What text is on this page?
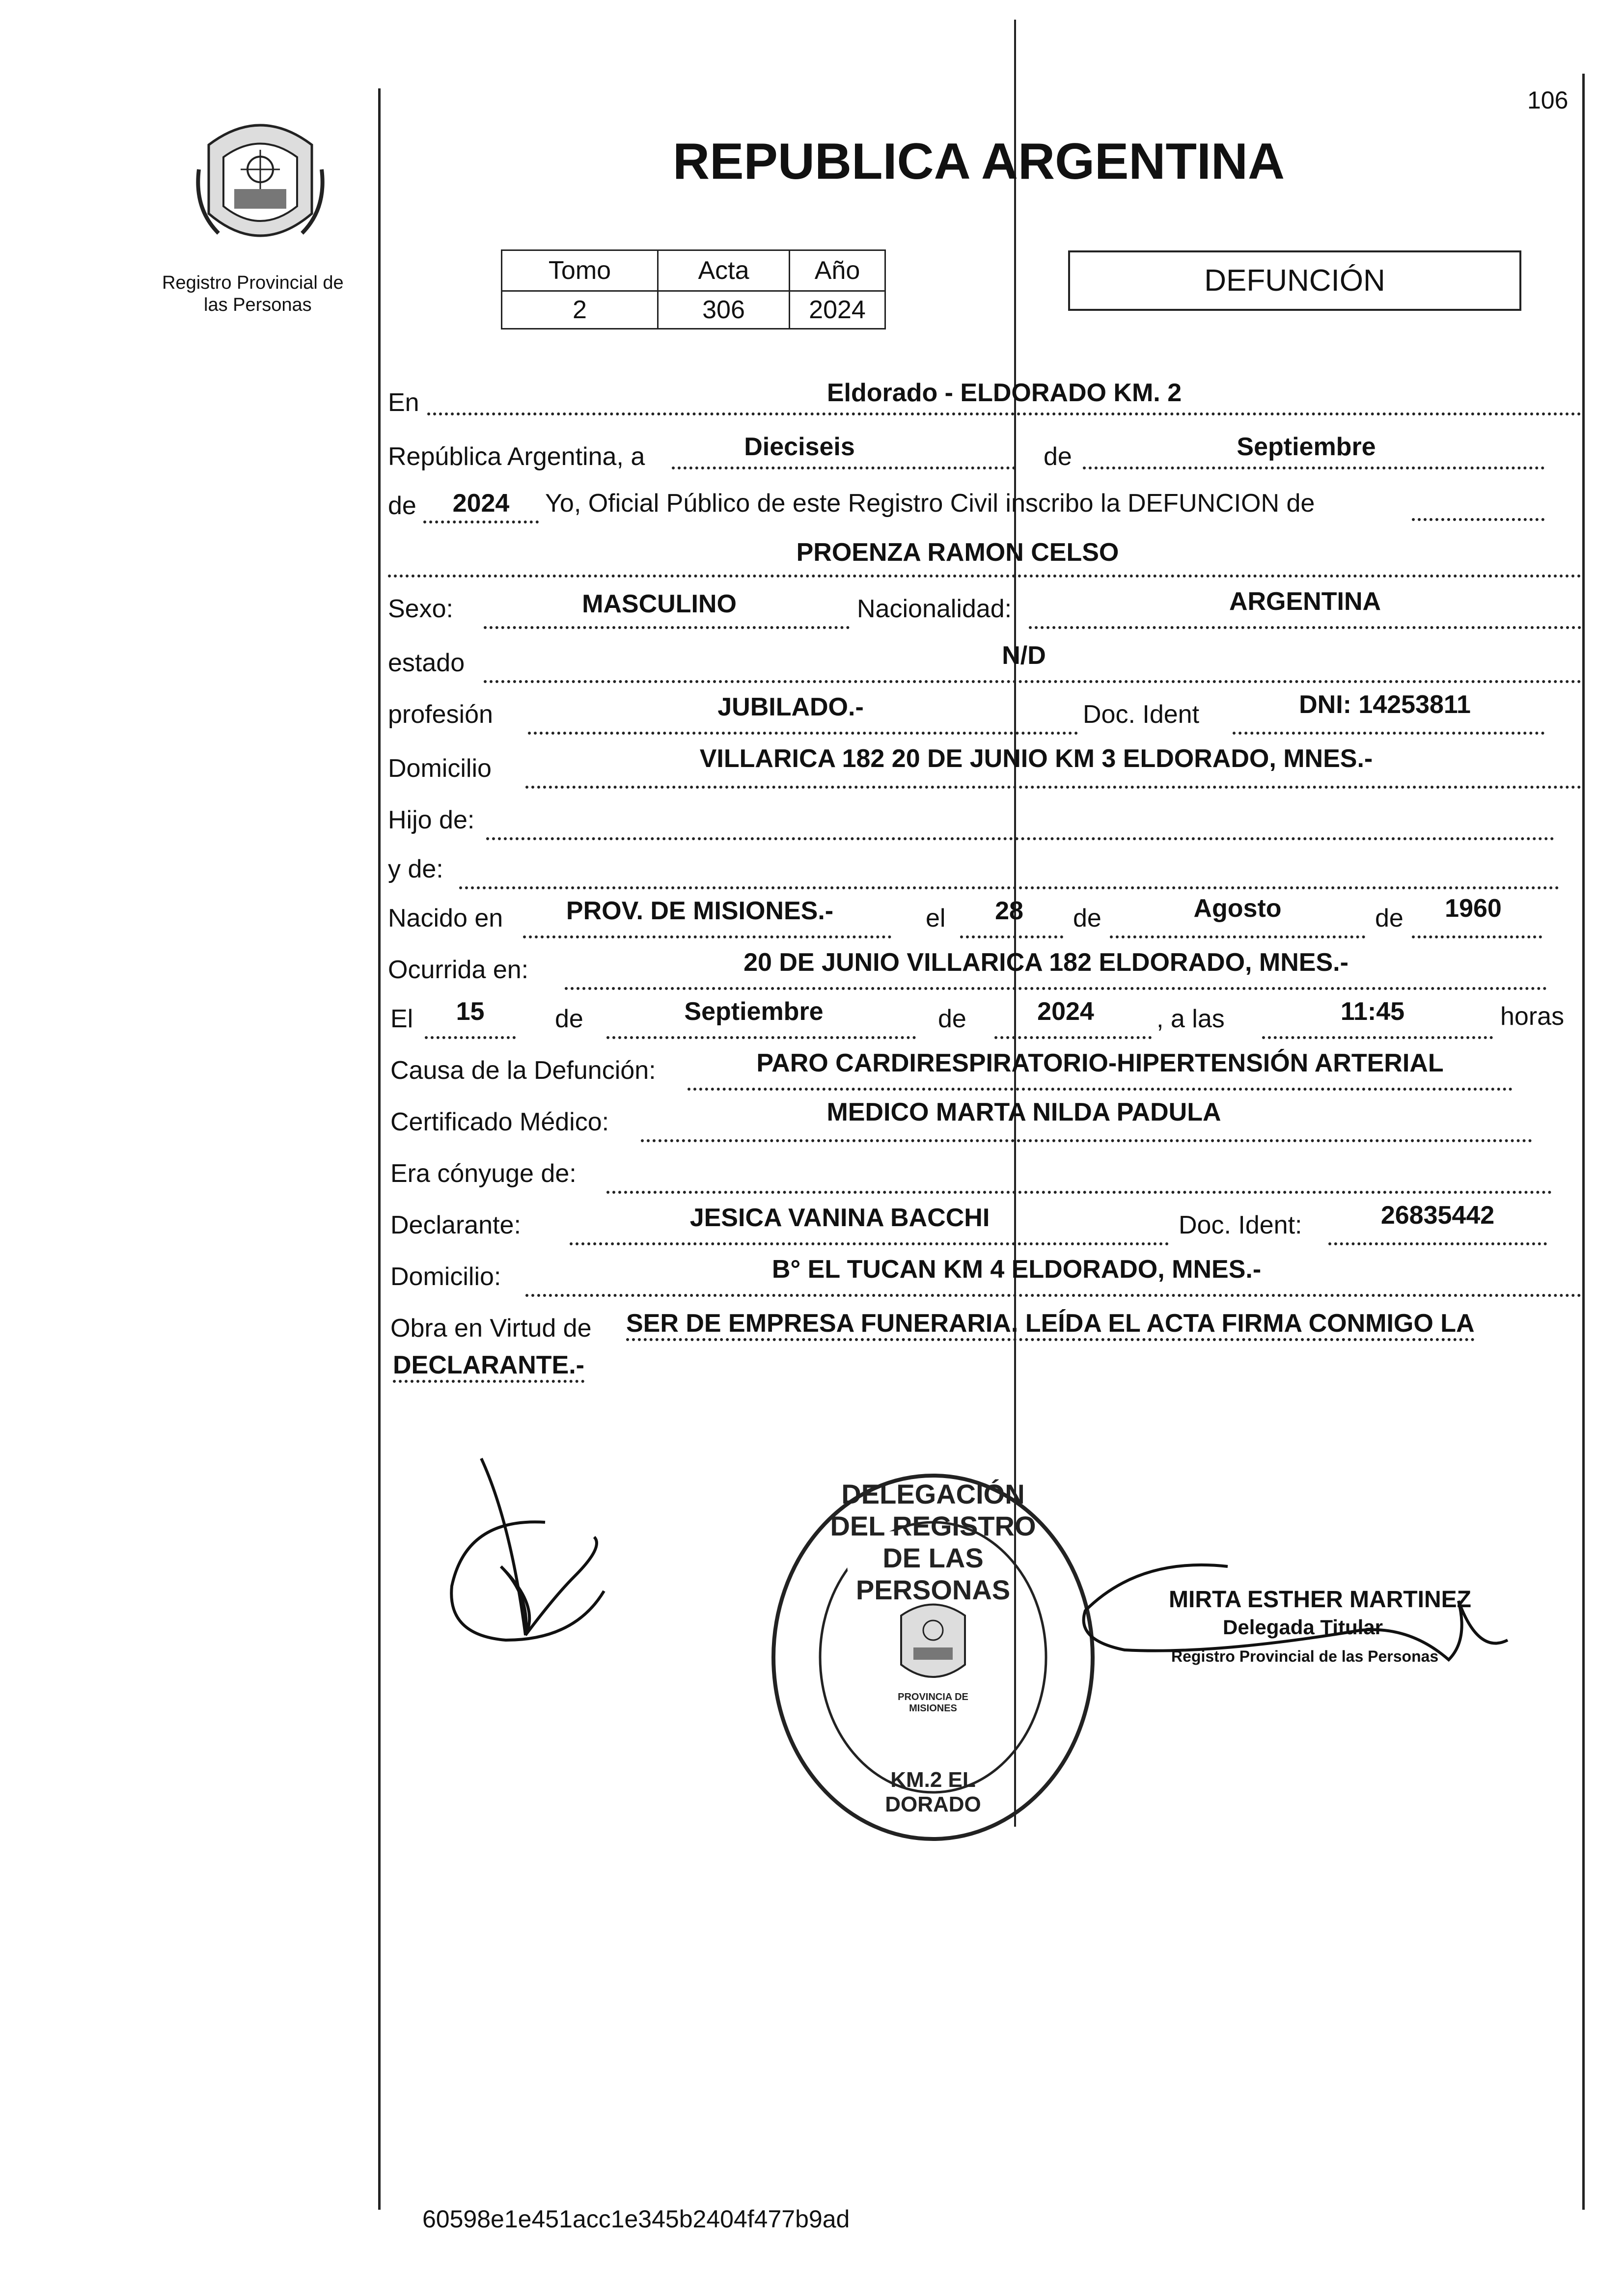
106
Registro Provincial de
las Personas
REPUBLICA ARGENTINA
Tomo	Acta	Año
2	306	2024
DEFUNCIÓN
En	Eldorado - ELDORADO KM. 2
República Argentina, a	Dieciseis	de	Septiembre
de	2024	Yo, Oficial Público de este Registro Civil inscribo la DEFUNCION de
PROENZA RAMON CELSO
Sexo:	MASCULINO	Nacionalidad:	ARGENTINA
estado	N/D
profesión	JUBILADO.-	Doc. Ident	DNI: 14253811
Domicilio	VILLARICA 182 20 DE JUNIO KM 3 ELDORADO, MNES.-
Hijo de:
y de:
Nacido en	PROV. DE MISIONES.-	el	28	de	Agosto	de	1960
Ocurrida en:	20 DE JUNIO VILLARICA 182 ELDORADO, MNES.-
El	15	de	Septiembre	de	2024	, a las	11:45	horas
Causa de la Defunción:	PARO CARDIRESPIRATORIO-HIPERTENSIÓN ARTERIAL
Certificado Médico:	MEDICO MARTA NILDA PADULA
Era cónyuge de:
Declarante:	JESICA VANINA BACCHI	Doc. Ident:	26835442
Domicilio:	B° EL TUCAN KM 4 ELDORADO, MNES.-
Obra en Virtud de SER DE EMPRESA FUNERARIA. LEÍDA EL ACTA FIRMA CONMIGO LA
DECLARANTE.-
DELEGACIÓN DEL REGISTRO DE LAS PERSONAS
KM.2 EL DORADO
PROVINCIA DE MISIONES
MIRTA ESTHER MARTINEZ
Delegada Titular
Registro Provincial de las Personas
60598e1e451acc1e345b2404f477b9ad
